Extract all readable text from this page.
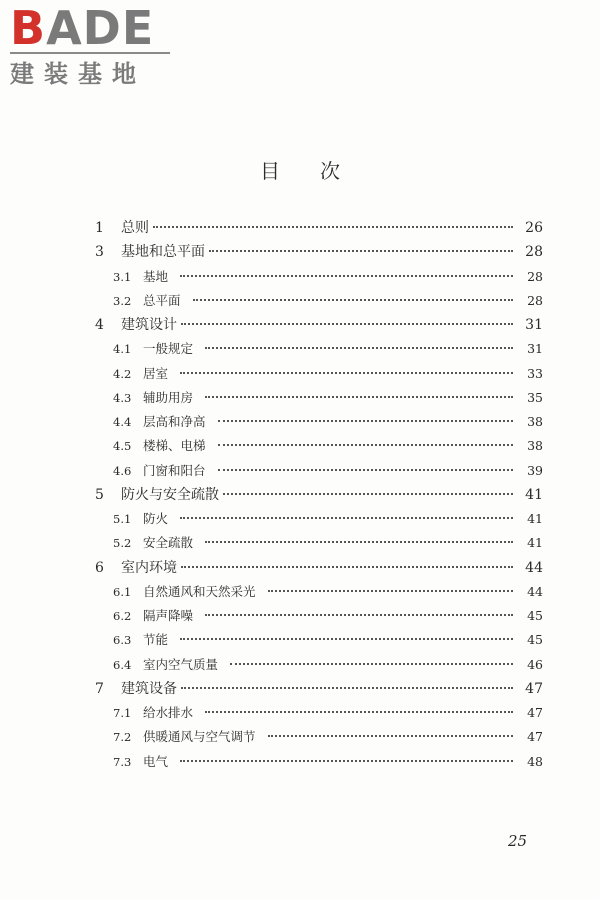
BADE
建装基地
目次
1	总则	26
3	基地和总平面	28
3.1 基地	28
3.2 总平面	28
4	建筑设计	31
4.1 一般规定	31
4.2 居室	33
4.3 辅助用房	35
4.4 层高和净高	38
4.5 楼梯、电梯	38
4.6 门窗和阳台	39
5	防火与安全疏散	41
5.1 防火	41
5.2 安全疏散	41
6	室内环境	44
6.1 自然通风和天然采光	44
6.2 隔声降噪	45
6.3 节能	45
6.4 室内空气质量	46
7	建筑设备	47
7.1 给水排水	47
7.2 供暖通风与空气调节	47
7.3 电气	48
25
